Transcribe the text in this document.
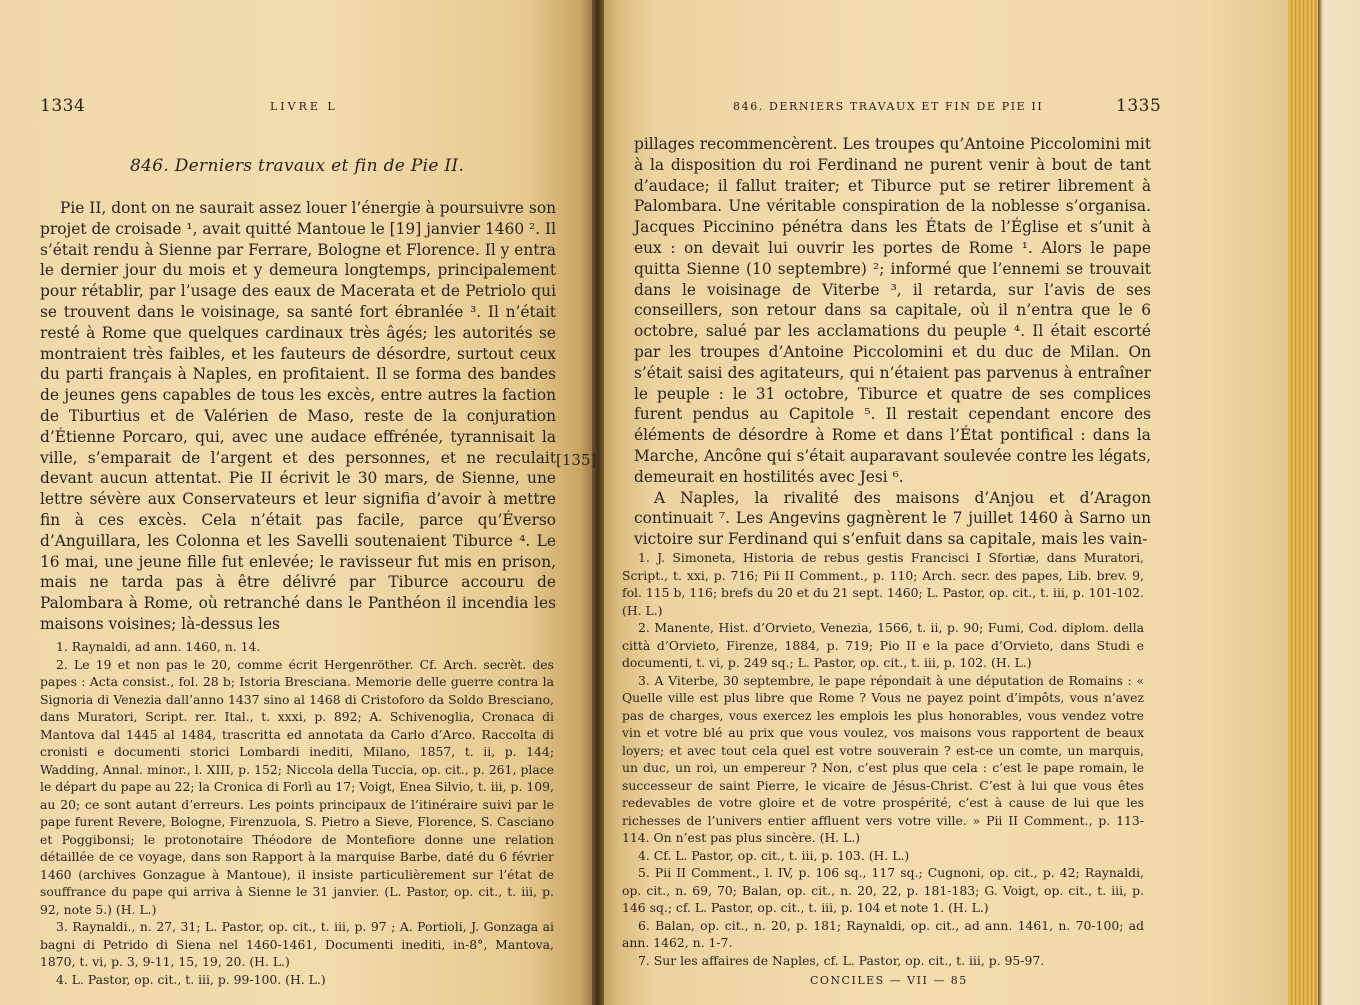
1334	LIVRE L
846. Derniers travaux et fin de Pie II.
Pie II, dont on ne saurait assez louer l’énergie à poursuivre son projet de croisade ¹, avait quitté Mantoue le [19] janvier 1460 ². Il s’était rendu à Sienne par Ferrare, Bologne et Florence. Il y entra le dernier jour du mois et y demeura longtemps, principalement pour rétablir, par l’usage des eaux de Macerata et de Petriolo qui se trouvent dans le voisinage, sa santé fort ébranlée ³. Il n’était resté à Rome que quelques cardinaux très âgés; les autorités se montraient très faibles, et les fauteurs de désordre, surtout ceux du parti français à Naples, en profitaient. Il se forma des bandes de jeunes gens capables de tous les excès, entre autres la faction de Tiburtius et de Valérien de Maso, reste de la conjuration d’Étienne Porcaro, qui, avec une audace effrénée, tyrannisait la ville, s’emparait de l’argent et des personnes, et ne reculait devant aucun attentat. Pie II écrivit le 30 mars, de Sienne, une lettre sévère aux Conservateurs et leur signifia d’avoir à mettre fin à ces excès. Cela n’était pas facile, parce qu’Éverso d’Anguillara, les Colonna et les Savelli soutenaient Tiburce ⁴. Le 16 mai, une jeune fille fut enlevée; le ravisseur fut mis en prison, mais ne tarda pas à être délivré par Tiburce accouru de Palombara à Rome, où retranché dans le Panthéon il incendia les maisons voisines; là-dessus les

1. Raynaldi, ad ann. 1460, n. 14.

2. Le 19 et non pas le 20, comme écrit Hergenröther. Cf. Arch. secrèt. des papes : Acta consist., fol. 28 b; Istoria Bresciana. Memorie delle guerre contra la Signoria di Venezia dall’anno 1437 sino al 1468 di Cristoforo da Soldo Bresciano, dans Muratori, Script. rer. Ital., t. xxxi, p. 892; A. Schivenoglia, Cronaca di Mantova dal 1445 al 1484, trascritta ed annotata da Carlo d’Arco. Raccolta di cronisti e documenti storici Lombardi inediti, Milano, 1857, t. ii, p. 144; Wadding, Annal. minor., l. XIII, p. 152; Niccola della Tuccia, op. cit., p. 261, place le départ du pape au 22; la Cronica di Forlì au 17; Voigt, Enea Silvio, t. iii, p. 109, au 20; ce sont autant d’erreurs. Les points principaux de l’itinéraire suivi par le pape furent Revere, Bologne, Firenzuola, S. Pietro a Sieve, Florence, S. Casciano et Poggibonsi; le protonotaire Théodore de Montefiore donne une relation détaillée de ce voyage, dans son Rapport à la marquise Barbe, daté du 6 février 1460 (archives Gonzague à Mantoue), il insiste particulièrement sur l’état de souffrance du pape qui arriva à Sienne le 31 janvier. (L. Pastor, op. cit., t. iii, p. 92, note 5.) (H. L.)

3. Raynaldi., n. 27, 31; L. Pastor, op. cit., t. iii, p. 97 ; A. Portioli, J. Gonzaga ai bagni di Petrido di Siena nel 1460-1461, Documenti inediti, in-8°, Mantova, 1870, t. vi, p. 3, 9-11, 15, 19, 20. (H. L.)

4. L. Pastor, op. cit., t. iii, p. 99-100. (H. L.)

846. DERNIERS TRAVAUX ET FIN DE PIE II	1335

pillages recommencèrent. Les troupes qu’Antoine Piccolomini mit à la disposition du roi Ferdinand ne purent venir à bout de tant d’audace; il fallut traiter; et Tiburce put se retirer librement à Palombara. Une véritable conspiration de la noblesse s’organisa. Jacques Piccinino pénétra dans les États de l’Église et s’unit à eux : on devait lui ouvrir les portes de Rome ¹. Alors le pape quitta Sienne (10 septembre) ²; informé que l’ennemi se trouvait dans le voisinage de Viterbe ³, il retarda, sur l’avis de ses conseillers, son retour dans sa capitale, où il n’entra que le 6 octobre, salué par les acclamations du peuple ⁴. Il était escorté par les troupes d’Antoine Piccolomini et du duc de Milan. On s’était saisi des agitateurs, qui n’étaient pas parvenus à entraîner le peuple : le 31 octobre, Tiburce et quatre de ses complices furent pendus au Capitole ⁵. Il restait cependant encore des éléments de désordre à Rome et dans l’État pontifical : dans la Marche, Ancône qui s’était auparavant soulevée contre les légats, demeurait en hostilités avec Jesi ⁶.

A Naples, la rivalité des maisons d’Anjou et d’Aragon continuait ⁷. Les Angevins gagnèrent le 7 juillet 1460 à Sarno un victoire sur Ferdinand qui s’enfuit dans sa capitale, mais les vain-

1. J. Simoneta, Historia de rebus gestis Francisci I Sfortiæ, dans Muratori, Script., t. xxi, p. 716; Pii II Comment., p. 110; Arch. secr. des papes, Lib. brev. 9, fol. 115 b, 116; brefs du 20 et du 21 sept. 1460; L. Pastor, op. cit., t. iii, p. 101-102. (H. L.)

2. Manente, Hist. d’Orvieto, Venezia, 1566, t. ii, p. 90; Fumi, Cod. diplom. della città d’Orvieto, Firenze, 1884, p. 719; Pio II e la pace d’Orvieto, dans Studi e documenti, t. vi, p. 249 sq.; L. Pastor, op. cit., t. iii, p. 102. (H. L.)

3. A Viterbe, 30 septembre, le pape répondait à une députation de Romains : « Quelle ville est plus libre que Rome ? Vous ne payez point d’impôts, vous n’avez pas de charges, vous exercez les emplois les plus honorables, vous vendez votre vin et votre blé au prix que vous voulez, vos maisons vous rapportent de beaux loyers; et avec tout cela quel est votre souverain ? est-ce un comte, un marquis, un duc, un roi, un empereur ? Non, c’est plus que cela : c’est le pape romain, le successeur de saint Pierre, le vicaire de Jésus-Christ. C’est à lui que vous êtes redevables de votre gloire et de votre prospérité, c’est à cause de lui que les richesses de l’univers entier affluent vers votre ville. » Pii II Comment., p. 113-114. On n’est pas plus sincère. (H. L.)

4. Cf. L. Pastor, op. cit., t. iii, p. 103. (H. L.)

5. Pii II Comment., l. IV, p. 106 sq., 117 sq.; Cugnoni, op. cit., p. 42; Raynaldi, op. cit., n. 69, 70; Balan, op. cit., n. 20, 22, p. 181-183; G. Voigt, op. cit., t. iii, p. 146 sq.; cf. L. Pastor, op. cit., t. iii, p. 104 et note 1. (H. L.)

6. Balan, op. cit., n. 20, p. 181; Raynaldi, op. cit., ad ann. 1461, n. 70-100; ad ann. 1462, n. 1-7.

7. Sur les affaires de Naples, cf. L. Pastor, op. cit., t. iii, p. 95-97.

CONCILES — VII — 85
[135]
